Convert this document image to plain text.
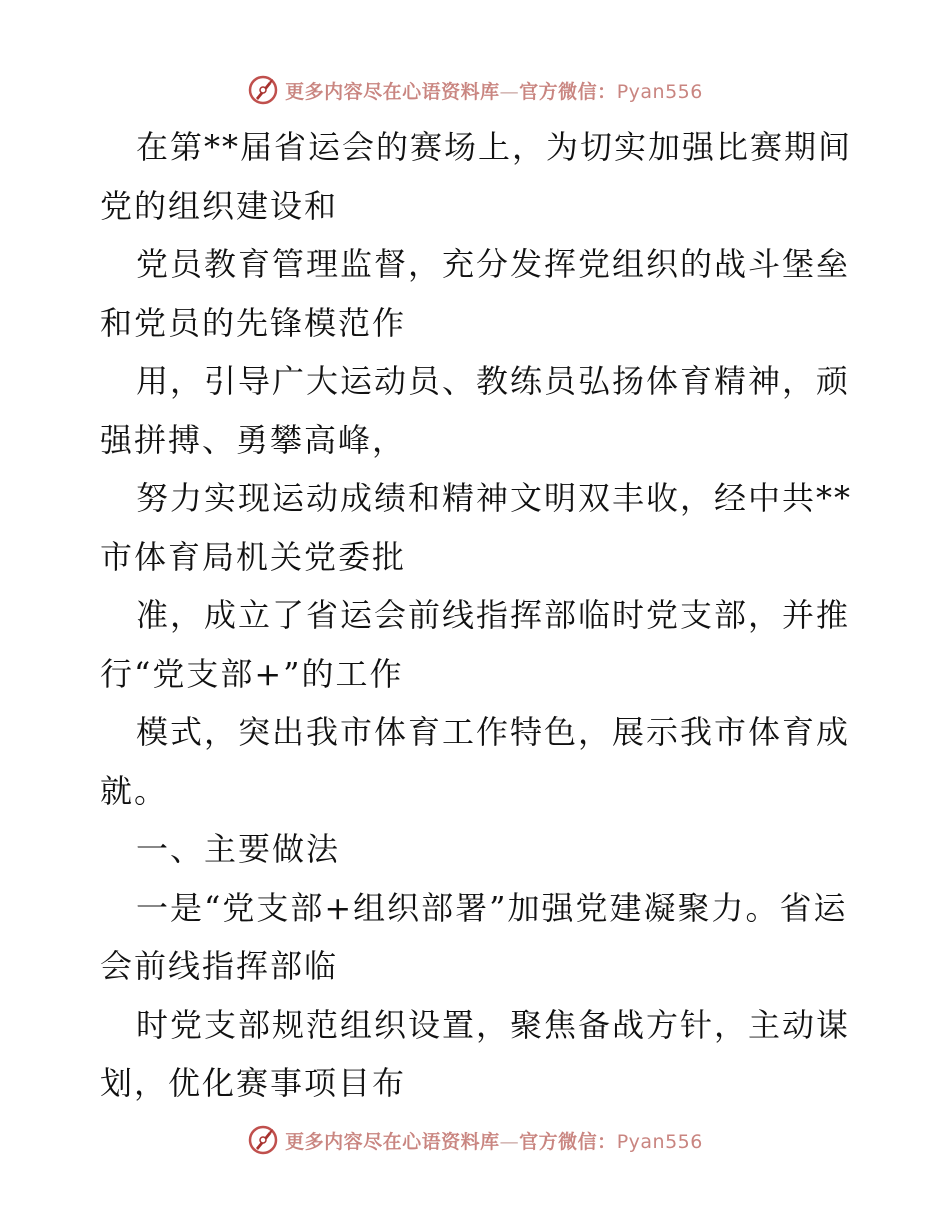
更多内容尽在心语资料库—官方微信：Pyan556

在第**届省运会的赛场上，为切实加强比赛期间党的组织建设和

党员教育管理监督，充分发挥党组织的战斗堡垒和党员的先锋模范作

用，引导广大运动员、教练员弘扬体育精神，顽强拼搏、勇攀高峰，

努力实现运动成绩和精神文明双丰收，经中共**市体育局机关党委批

准，成立了省运会前线指挥部临时党支部，并推行“党支部+”的工作

模式，突出我市体育工作特色，展示我市体育成就。

一、主要做法

一是“党支部+组织部署”加强党建凝聚力。省运会前线指挥部临

时党支部规范组织设置，聚焦备战方针，主动谋划，优化赛事项目布

更多内容尽在心语资料库—官方微信：Pyan556
